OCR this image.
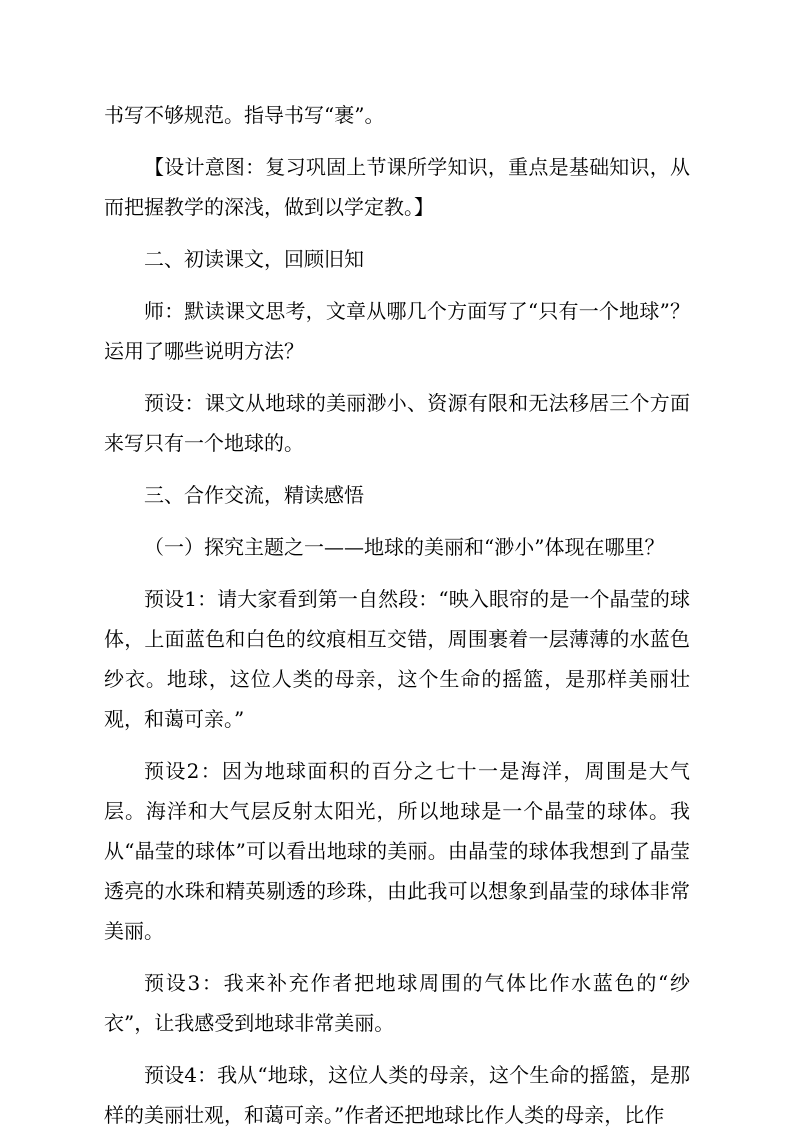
书写不够规范。指导书写“裹”。

【设计意图：复习巩固上节课所学知识，重点是基础知识，从而把握教学的深浅，做到以学定教。】

二、初读课文，回顾旧知

师：默读课文思考，文章从哪几个方面写了“只有一个地球”？运用了哪些说明方法？

预设：课文从地球的美丽渺小、资源有限和无法移居三个方面来写只有一个地球的。

三、合作交流，精读感悟

（一）探究主题之一——地球的美丽和“渺小”体现在哪里？

预设1：请大家看到第一自然段：“映入眼帘的是一个晶莹的球体，上面蓝色和白色的纹痕相互交错，周围裹着一层薄薄的水蓝色纱衣。地球，这位人类的母亲，这个生命的摇篮，是那样美丽壮观，和蔼可亲。”

预设2：因为地球面积的百分之七十一是海洋，周围是大气层。海洋和大气层反射太阳光，所以地球是一个晶莹的球体。我从“晶莹的球体”可以看出地球的美丽。由晶莹的球体我想到了晶莹透亮的水珠和精英剔透的珍珠，由此我可以想象到晶莹的球体非常美丽。

预设3：我来补充作者把地球周围的气体比作水蓝色的“纱衣”，让我感受到地球非常美丽。

预设4：我从“地球，这位人类的母亲，这个生命的摇篮，是那样的美丽壮观，和蔼可亲。”作者还把地球比作人类的母亲，比作
